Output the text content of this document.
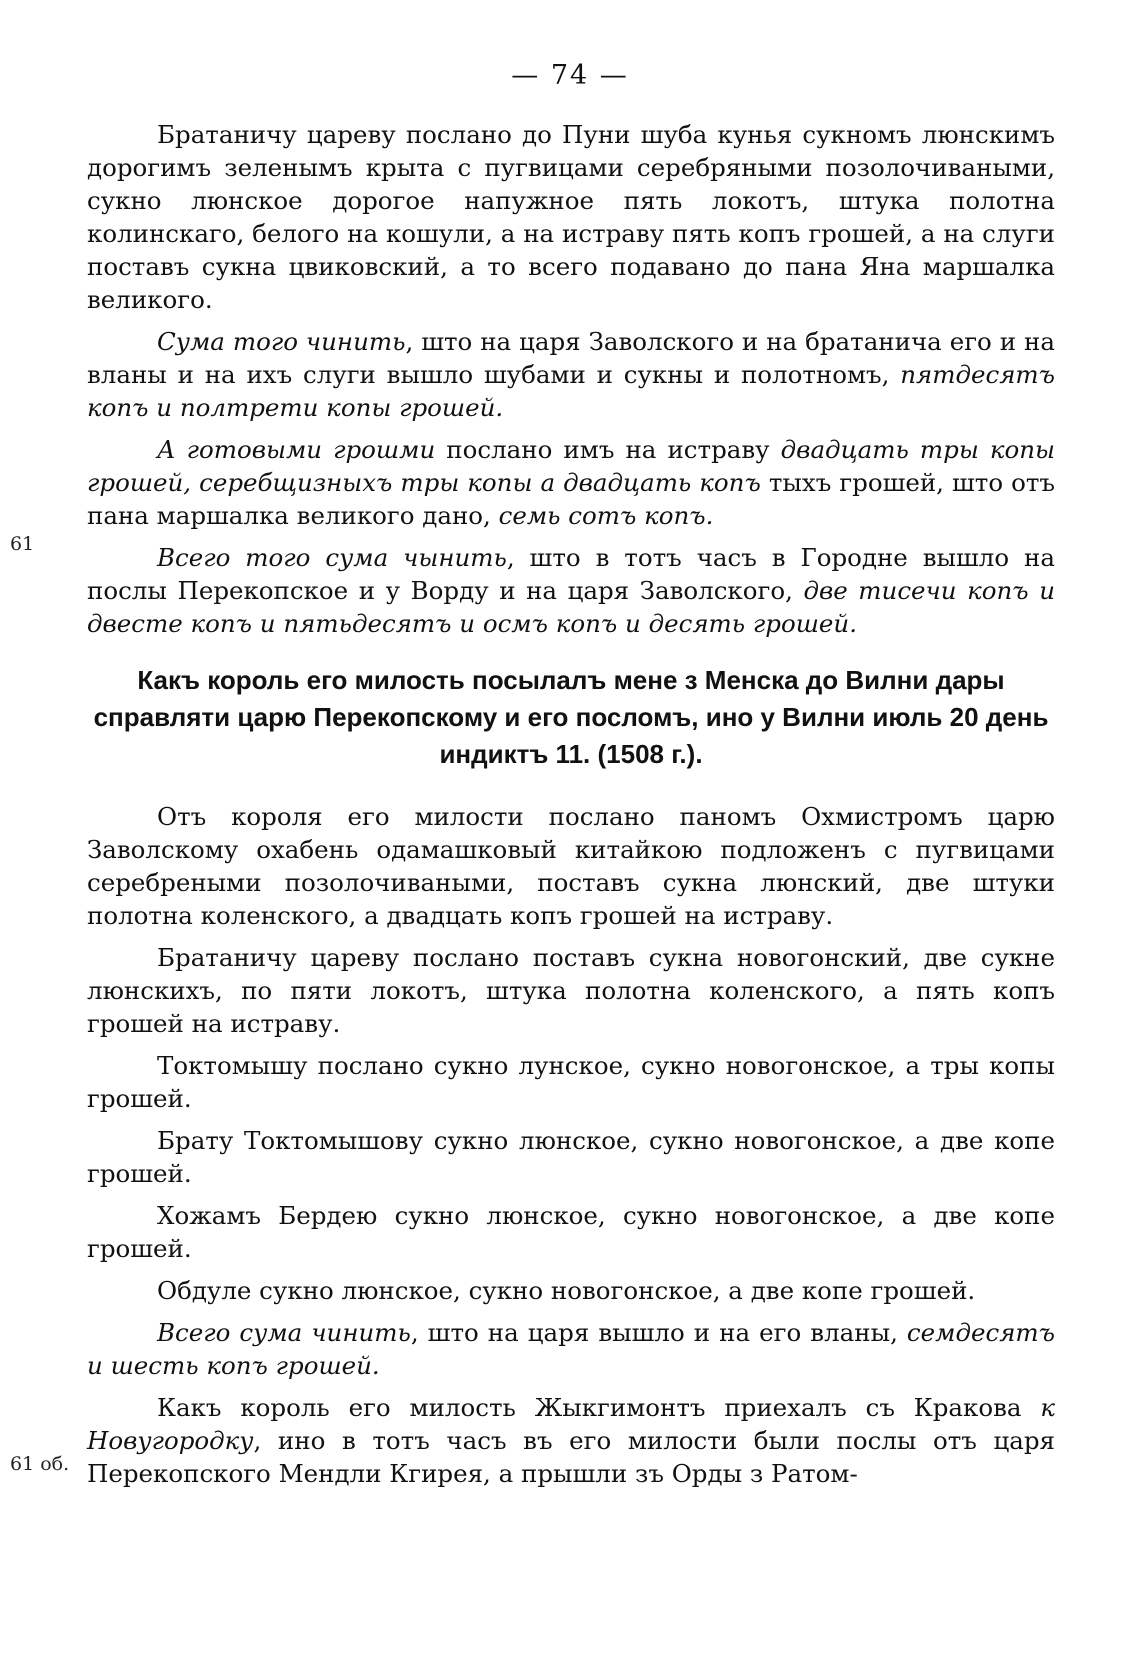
— 74 —
61
61 об.

Братаничу цареву послано до Пуни шуба кунья сукномъ люнскимъ дорогимъ зеленымъ крыта с пугвицами серебряными позолочиваными, сукно люнское дорогое напужное пять локотъ, штука полотна колинскаго, белого на кошули, а на истраву пять копъ грошей, а на слуги поставъ сукна цвиковский, а то всего подавано до пана Яна маршалка великого.

Сума того чинить, што на царя Заволского и на братанича его и на вланы и на ихъ слуги вышло шубами и сукны и полотномъ, пятдесятъ копъ и полтрети копы грошей.

А готовыми грошми послано имъ на истраву двадцать тры копы грошей, серебщизныхъ тры копы а двадцать копъ тыхъ грошей, што отъ пана маршалка великого дано, семь сотъ копъ.

Всего того сума чынить, што в тотъ часъ в Городне вышло на послы Перекопское и у Ворду и на царя Заволского, две тисечи копъ и двесте копъ и пятьдесятъ и осмъ копъ и десять грошей.

Какъ король его милость посылалъ мене з Менска до Вилни дары справляти царю Перекопскому и его посломъ, ино у Вилни июль 20 день индиктъ 11. (1508 г.).

Отъ короля его милости послано паномъ Охмистромъ царю Заволскому охабень одамашковый китайкою подложенъ с пугвицами серебреными позолочиваными, поставъ сукна люнский, две штуки полотна коленского, а двадцать копъ грошей на истраву.

Братаничу цареву послано поставъ сукна новогонский, две сукне люнскихъ, по пяти локотъ, штука полотна коленского, а пять копъ грошей на истраву.

Токтомышу послано сукно лунское, сукно новогонское, а тры копы грошей.

Брату Токтомышову сукно люнское, сукно новогонское, а две копе грошей.

Хожамъ Бердею сукно люнское, сукно новогонское, а две копе грошей.

Обдуле сукно люнское, сукно новогонское, а две копе грошей.

Всего сума чинить, што на царя вышло и на его вланы, семдесятъ и шесть копъ грошей.

Какъ король его милость Жыкгимонтъ приехалъ съ Кракова к Новугородку, ино в тотъ часъ въ его милости были послы отъ царя Перекопского Мендли Кгирея, а прышли зъ Орды з Ратом-
